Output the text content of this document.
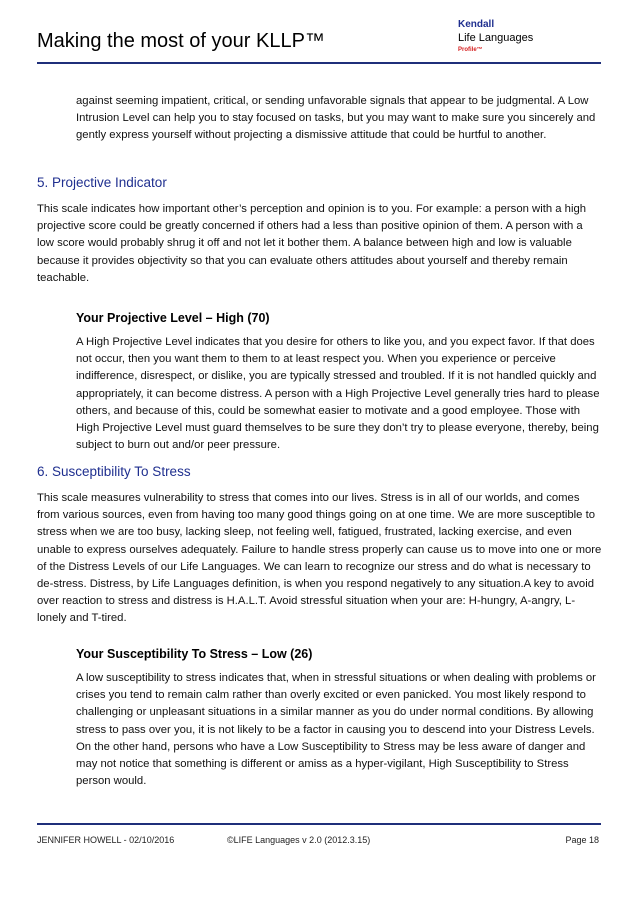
Making the most of your KLLP™
Kendall
Life Languages
Profile™

against seeming impatient, critical, or sending unfavorable signals that appear to be judgmental. A Low Intrusion Level can help you to stay focused on tasks, but you may want to make sure you sincerely and gently express yourself without projecting a dismissive attitude that could be hurtful to another.

5. Projective Indicator

This scale indicates how important other’s perception and opinion is to you. For example: a person with a high projective score could be greatly concerned if others had a less than positive opinion of them. A person with a low score would probably shrug it off and not let it bother them. A balance between high and low is valuable because it provides objectivity so that you can evaluate others attitudes about yourself and thereby remain teachable.

Your Projective Level – High (70)

A High Projective Level indicates that you desire for others to like you, and you expect favor. If that does not occur, then you want them to them to at least respect you. When you experience or perceive indifference, disrespect, or dislike, you are typically stressed and troubled. If it is not handled quickly and appropriately, it can become distress. A person with a High Projective Level generally tries hard to please others, and because of this, could be somewhat easier to motivate and a good employee. Those with High Projective Level must guard themselves to be sure they don’t try to please everyone, thereby, being subject to burn out and/or peer pressure.

6. Susceptibility To Stress

This scale measures vulnerability to stress that comes into our lives. Stress is in all of our worlds, and comes from various sources, even from having too many good things going on at one time. We are more susceptible to stress when we are too busy, lacking sleep, not feeling well, fatigued, frustrated, lacking exercise, and even unable to express ourselves adequately. Failure to handle stress properly can cause us to move into one or more of the Distress Levels of our Life Languages. We can learn to recognize our stress and do what is necessary to de-stress. Distress, by Life Languages definition, is when you respond negatively to any situation.A key to avoid over reaction to stress and distress is H.A.L.T. Avoid stressful situation when your are: H-hungry, A-angry, L-lonely and T-tired.

Your Susceptibility To Stress – Low (26)

A low susceptibility to stress indicates that, when in stressful situations or when dealing with problems or crises you tend to remain calm rather than overly excited or even panicked. You most likely respond to challenging or unpleasant situations in a similar manner as you do under normal conditions. By allowing stress to pass over you, it is not likely to be a factor in causing you to descend into your Distress Levels. On the other hand, persons who have a Low Susceptibility to Stress may be less aware of danger and may not notice that something is different or amiss as a hyper-vigilant, High Susceptibility to Stress person would.

JENNIFER HOWELL - 02/10/2016	©LIFE Languages v 2.0 (2012.3.15)	Page 18
